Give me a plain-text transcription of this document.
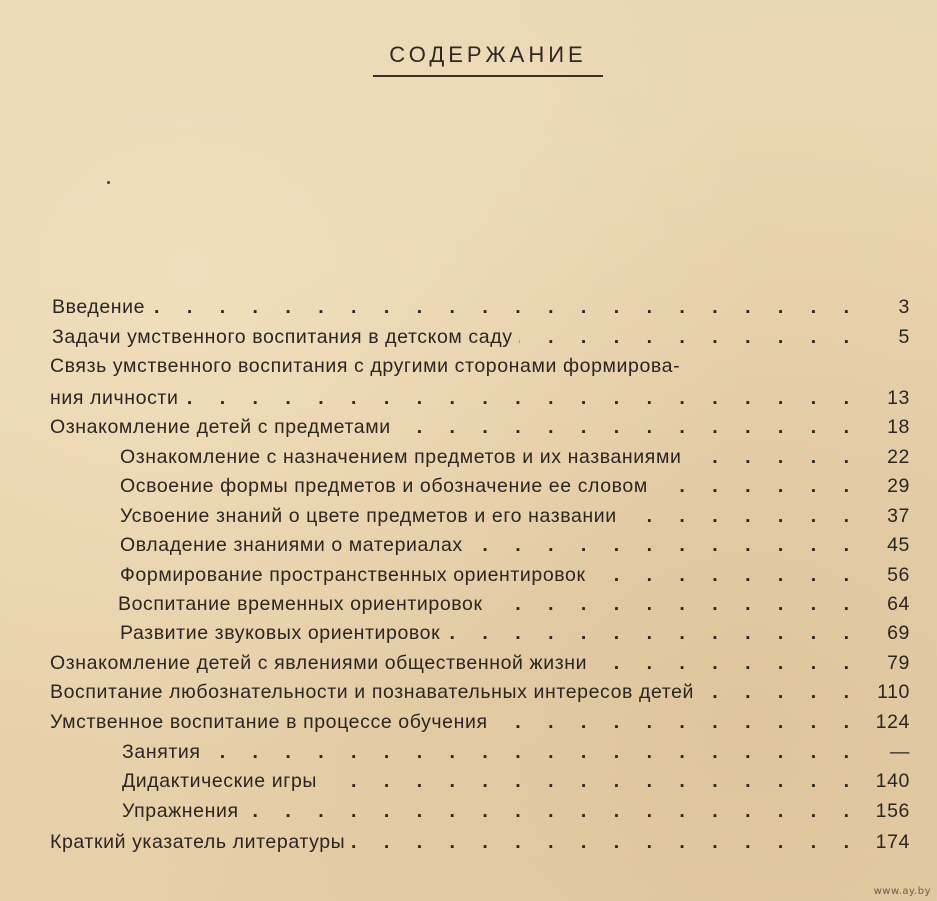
СОДЕРЖАНИЕ
Введение . . .	3
Задачи умственного воспитания в детском саду . . .	5
Связь умственного воспитания с другими сторонами формирова-
ния личности . . .	13
Ознакомление детей с предметами . . .	18
Ознакомление с назначением предметов и их названиями . . .	22
Освоение формы предметов и обозначение ее словом . . .	29
Усвоение знаний о цвете предметов и его названии . . .	37
Овладение знаниями о материалах . . .	45
Формирование пространственных ориентировок . . .	56
Воспитание временных ориентировок . . .	64
Развитие звуковых ориентировок . . .	69
Ознакомление детей с явлениями общественной жизни . . .	79
Воспитание любознательности и познавательных интересов детей . . .	110
Умственное воспитание в процессе обучения . . .	124
Занятия . . .	—
Дидактические игры . . .	140
Упражнения . . .	156
Краткий указатель литературы . . .	174
www.ay.by
